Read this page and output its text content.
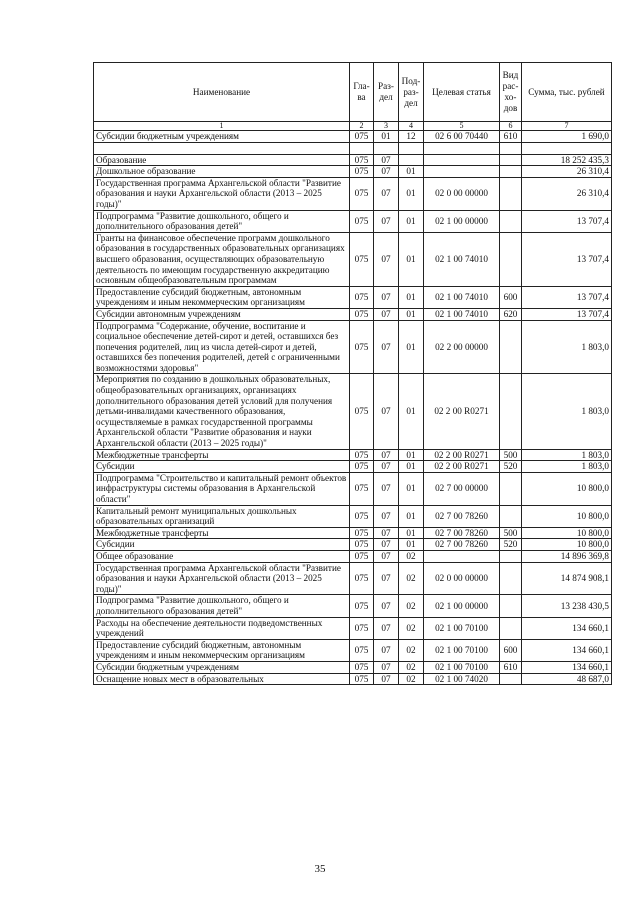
Наименование	Гла-ва	Раз-дел	Под-раз-дел	Целевая статья	Вид рас-хо-дов	Сумма, тыс. рублей
1	2	3	4	5	6	7
Субсидии бюджетным учреждениям	075	01	12	02 6 00 70440	610	1 690,0

Образование	075	07				18 252 435,3
Дошкольное образование	075	07	01			26 310,4
Государственная программа Архангельской области "Развитие образования и науки Архангельской области (2013 – 2025 годы)"	075	07	01	02 0 00 00000		26 310,4
Подпрограмма "Развитие дошкольного, общего и дополнительного образования детей"	075	07	01	02 1 00 00000		13 707,4
Гранты на финансовое обеспечение программ дошкольного образования в государственных образовательных организациях высшего образования, осуществляющих образовательную деятельность по имеющим государственную аккредитацию основным общеобразовательным программам	075	07	01	02 1 00 74010		13 707,4
Предоставление субсидий бюджетным, автономным учреждениям и иным некоммерческим организациям	075	07	01	02 1 00 74010	600	13 707,4
Субсидии автономным учреждениям	075	07	01	02 1 00 74010	620	13 707,4
Подпрограмма "Содержание, обучение, воспитание и социальное обеспечение детей-сирот и детей, оставшихся без попечения родителей, лиц из числа детей-сирот и детей, оставшихся без попечения родителей, детей с ограниченными возможностями здоровья"	075	07	01	02 2 00 00000		1 803,0
Мероприятия по созданию в дошкольных образовательных, общеобразовательных организациях, организациях дополнительного образования детей условий для получения детьми-инвалидами качественного образования, осуществляемые в рамках государственной программы Архангельской области "Развитие образования и науки Архангельской области (2013 – 2025 годы)"	075	07	01	02 2 00 R0271		1 803,0
Межбюджетные трансферты	075	07	01	02 2 00 R0271	500	1 803,0
Субсидии	075	07	01	02 2 00 R0271	520	1 803,0
Подпрограмма "Строительство и капитальный ремонт объектов инфраструктуры системы образования в Архангельской области"	075	07	01	02 7 00 00000		10 800,0
Капитальный ремонт муниципальных дошкольных образовательных организаций	075	07	01	02 7 00 78260		10 800,0
Межбюджетные трансферты	075	07	01	02 7 00 78260	500	10 800,0
Субсидии	075	07	01	02 7 00 78260	520	10 800,0
Общее образование	075	07	02			14 896 369,8
Государственная программа Архангельской области "Развитие образования и науки Архангельской области (2013 – 2025 годы)"	075	07	02	02 0 00 00000		14 874 908,1
Подпрограмма "Развитие дошкольного, общего и дополнительного образования детей"	075	07	02	02 1 00 00000		13 238 430,5
Расходы на обеспечение деятельности подведомственных учреждений	075	07	02	02 1 00 70100		134 660,1
Предоставление субсидий бюджетным, автономным учреждениям и иным некоммерческим организациям	075	07	02	02 1 00 70100	600	134 660,1
Субсидии бюджетным учреждениям	075	07	02	02 1 00 70100	610	134 660,1
Оснащение новых мест в образовательных	075	07	02	02 1 00 74020		48 687,0
35
